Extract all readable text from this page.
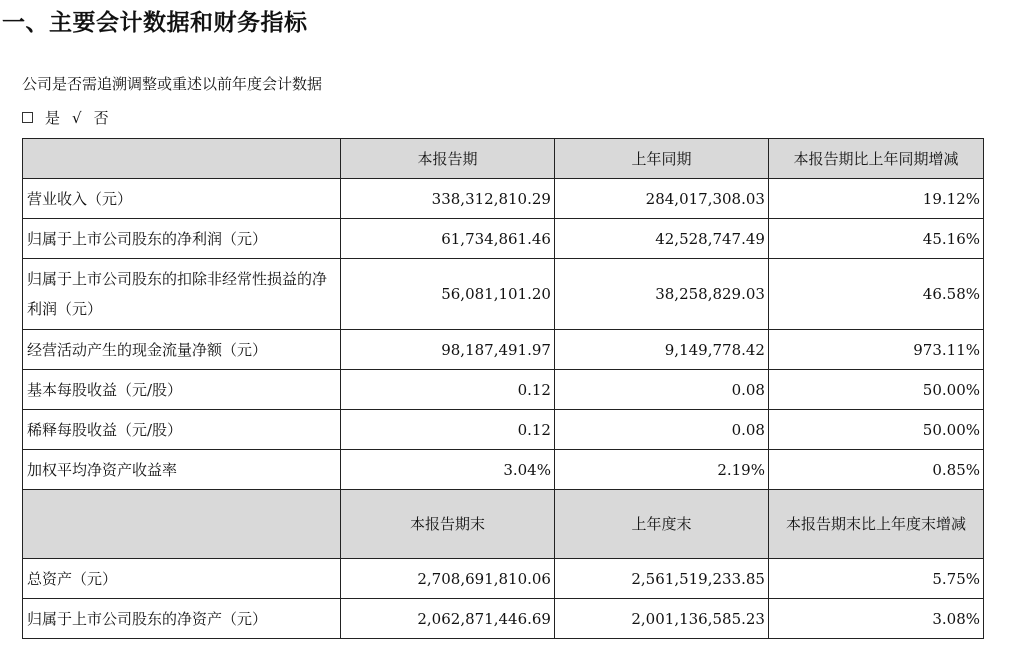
一、主要会计数据和财务指标
公司是否需追溯调整或重述以前年度会计数据
是 √ 否
	本报告期	上年同期	本报告期比上年同期增减
营业收入（元）	338,312,810.29	284,017,308.03	19.12%
归属于上市公司股东的净利润（元）	61,734,861.46	42,528,747.49	45.16%
归属于上市公司股东的扣除非经常性损益的净利润（元）	56,081,101.20	38,258,829.03	46.58%
经营活动产生的现金流量净额（元）	98,187,491.97	9,149,778.42	973.11%
基本每股收益（元/股）	0.12	0.08	50.00%
稀释每股收益（元/股）	0.12	0.08	50.00%
加权平均净资产收益率	3.04%	2.19%	0.85%
	本报告期末	上年度末	本报告期末比上年度末增减
总资产（元）	2,708,691,810.06	2,561,519,233.85	5.75%
归属于上市公司股东的净资产（元）	2,062,871,446.69	2,001,136,585.23	3.08%
